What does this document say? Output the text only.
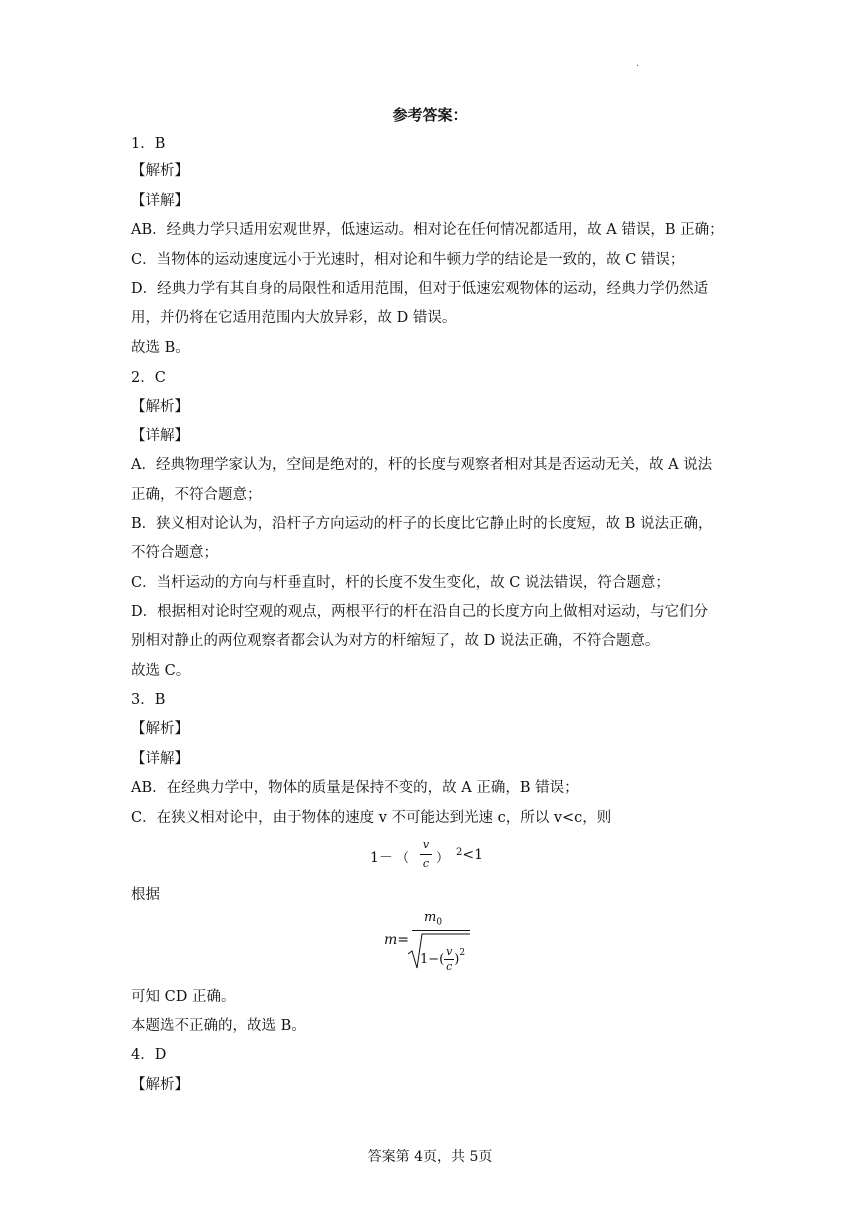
.
参考答案：
1．B
【解析】
【详解】
AB．经典力学只适用宏观世界，低速运动。相对论在任何情况都适用，故 A 错误，B 正确；
C．当物体的运动速度远小于光速时，相对论和牛顿力学的结论是一致的，故 C 错误；
D．经典力学有其自身的局限性和适用范围，但对于低速宏观物体的运动，经典力学仍然适
用，并仍将在它适用范围内大放异彩，故 D 错误。
故选 B。
2．C
【解析】
【详解】
A．经典物理学家认为，空间是绝对的，杆的长度与观察者相对其是否运动无关，故 A 说法
正确，不符合题意；
B．狭义相对论认为，沿杆子方向运动的杆子的长度比它静止时的长度短，故 B 说法正确，
不符合题意；
C．当杆运动的方向与杆垂直时，杆的长度不发生变化，故 C 说法错误，符合题意；
D．根据相对论时空观的观点，两根平行的杆在沿自己的长度方向上做相对运动，与它们分
别相对静止的两位观察者都会认为对方的杆缩短了，故 D 说法正确，不符合题意。
故选 C。
3．B
【解析】
【详解】
AB．在经典力学中，物体的质量是保持不变的，故 A 正确，B 错误；
C．在狭义相对论中，由于物体的速度 v 不可能达到光速 c，所以 v<c，则
1－ （
v
c ） $^2$<1
根据
m=
$m_0$
$1-( \frac{v}{c} )^2$
可知 CD 正确。
本题选不正确的，故选 B。
4．D
【解析】
答案第 4页，共 5页
